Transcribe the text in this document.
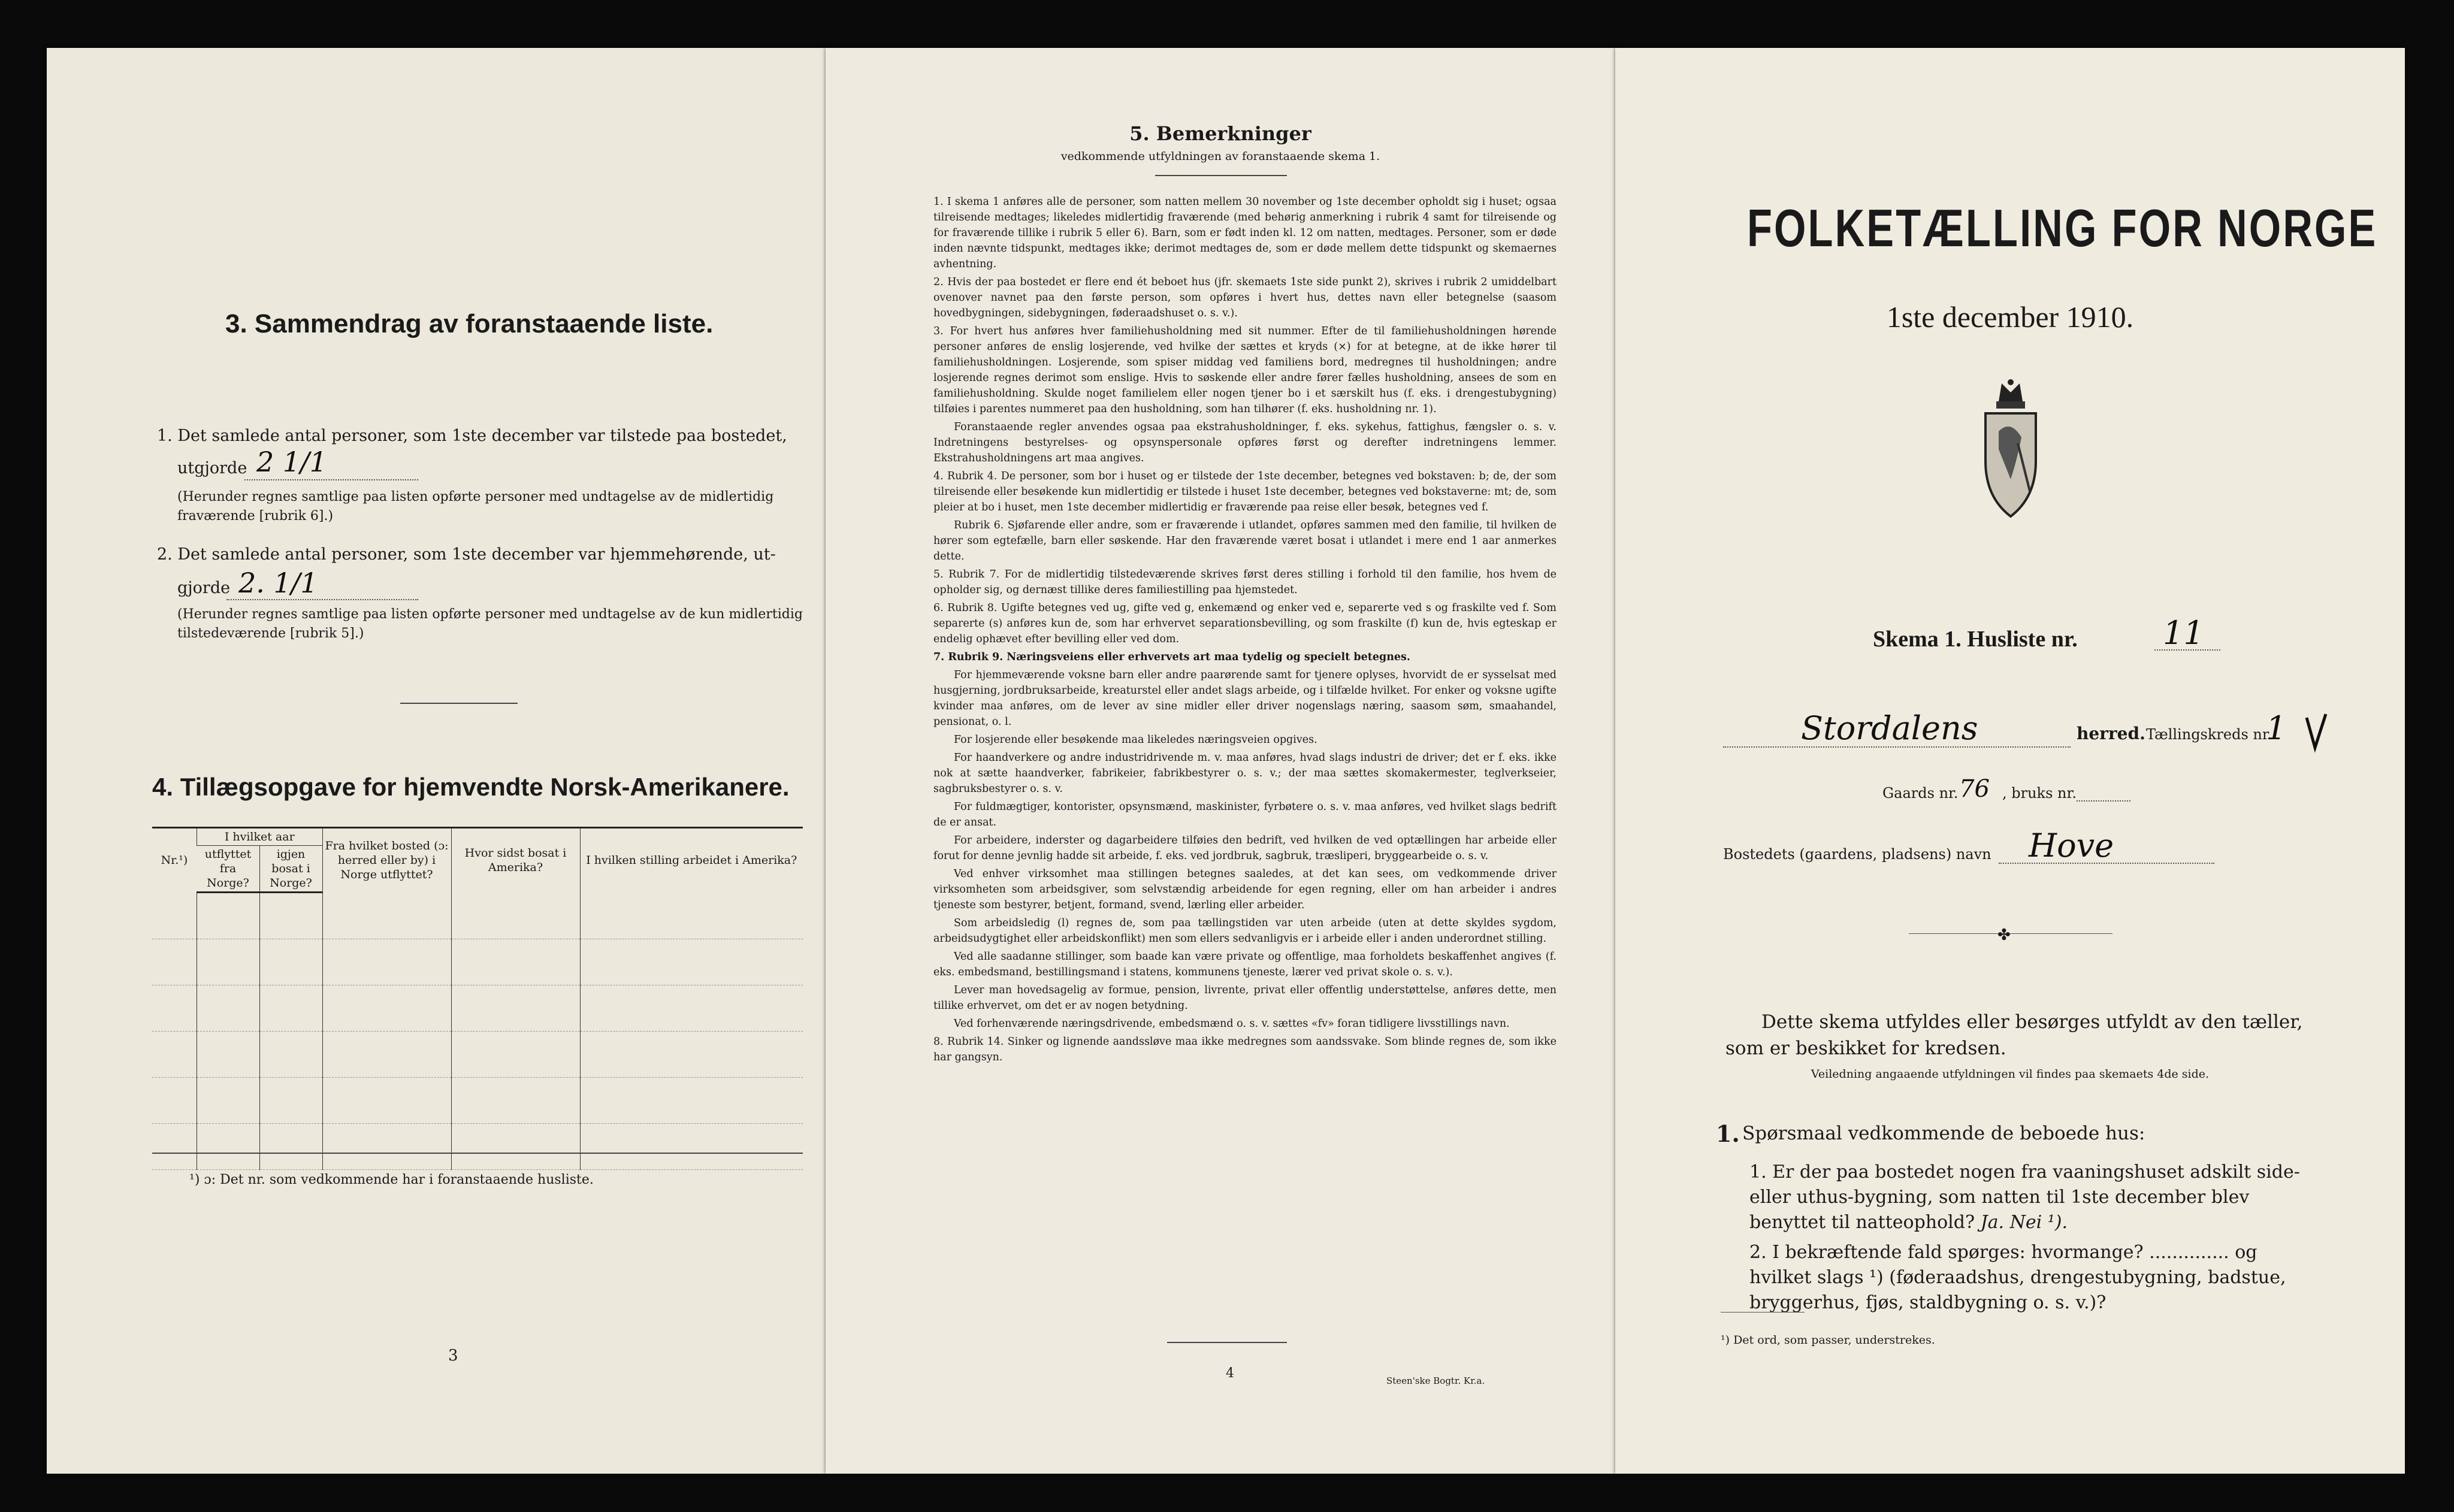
3. Sammendrag av foranstaaende liste.
1. Det samlede antal personer, som 1ste december var tilstede paa bostedet,
utgjorde 2 1/1
(Herunder regnes samtlige paa listen opførte personer med undtagelse av de midlertidig fraværende [rubrik 6].)
2. Det samlede antal personer, som 1ste december var hjemmehørende, ut-
gjorde 2. 1/1
(Herunder regnes samtlige paa listen opførte personer med undtagelse av de kun midlertidig tilstedeværende [rubrik 5].)
4. Tillægsopgave for hjemvendte Norsk-Amerikanere.
Nr.¹)	I hvilket aar		Fra hvilket bosted (ɔ: herred eller by) i Norge utflyttet?	Hvor sidst bosat i Amerika?	I hvilken stilling arbeidet i Amerika?
	utflyttet fra Norge?	igjen bosat i Norge?			

¹) ɔ: Det nr. som vedkommende har i foranstaaende husliste.
3
5. Bemerkninger
vedkommende utfyldningen av foranstaaende skema 1.

1. I skema 1 anføres alle de personer, som natten mellem 30 november og 1ste december opholdt sig i huset; ogsaa tilreisende medtages; likeledes midlertidig fraværende (med behørig anmerkning i rubrik 4 samt for tilreisende og for fraværende tillike i rubrik 5 eller 6). Barn, som er født inden kl. 12 om natten, medtages. Personer, som er døde inden nævnte tidspunkt, medtages ikke; derimot medtages de, som er døde mellem dette tidspunkt og skemaernes avhentning.

2. Hvis der paa bostedet er flere end ét beboet hus (jfr. skemaets 1ste side punkt 2), skrives i rubrik 2 umiddelbart ovenover navnet paa den første person, som opføres i hvert hus, dettes navn eller betegnelse (saasom hovedbygningen, sidebygningen, føderaadshuset o. s. v.).

3. For hvert hus anføres hver familiehusholdning med sit nummer. Efter de til familiehusholdningen hørende personer anføres de enslig losjerende, ved hvilke der sættes et kryds (×) for at betegne, at de ikke hører til familiehusholdningen. Losjerende, som spiser middag ved familiens bord, medregnes til husholdningen; andre losjerende regnes derimot som enslige. Hvis to søskende eller andre fører fælles husholdning, ansees de som en familiehusholdning. Skulde noget familielem eller nogen tjener bo i et særskilt hus (f. eks. i drengestubygning) tilføies i parentes nummeret paa den husholdning, som han tilhører (f. eks. husholdning nr. 1).

Foranstaaende regler anvendes ogsaa paa ekstrahusholdninger, f. eks. sykehus, fattighus, fængsler o. s. v. Indretningens bestyrelses- og opsynspersonale opføres først og derefter indretningens lemmer. Ekstrahusholdningens art maa angives.

4. Rubrik 4. De personer, som bor i huset og er tilstede der 1ste december, betegnes ved bokstaven: b; de, der som tilreisende eller besøkende kun midlertidig er tilstede i huset 1ste december, betegnes ved bokstaverne: mt; de, som pleier at bo i huset, men 1ste december midlertidig er fraværende paa reise eller besøk, betegnes ved f.

Rubrik 6. Sjøfarende eller andre, som er fraværende i utlandet, opføres sammen med den familie, til hvilken de hører som egtefælle, barn eller søskende. Har den fraværende været bosat i utlandet i mere end 1 aar anmerkes dette.

5. Rubrik 7. For de midlertidig tilstedeværende skrives først deres stilling i forhold til den familie, hos hvem de opholder sig, og dernæst tillike deres familiestilling paa hjemstedet.

6. Rubrik 8. Ugifte betegnes ved ug, gifte ved g, enkemænd og enker ved e, separerte ved s og fraskilte ved f. Som separerte (s) anføres kun de, som har erhvervet separationsbevilling, og som fraskilte (f) kun de, hvis egteskap er endelig ophævet efter bevilling eller ved dom.

7. Rubrik 9. Næringsveiens eller erhvervets art maa tydelig og specielt betegnes.

For hjemmeværende voksne barn eller andre paarørende samt for tjenere oplyses, hvorvidt de er sysselsat med husgjerning, jordbruksarbeide, kreaturstel eller andet slags arbeide, og i tilfælde hvilket. For enker og voksne ugifte kvinder maa anføres, om de lever av sine midler eller driver nogenslags næring, saasom søm, smaahandel, pensionat, o. l.

For losjerende eller besøkende maa likeledes næringsveien opgives.

For haandverkere og andre industridrivende m. v. maa anføres, hvad slags industri de driver; det er f. eks. ikke nok at sætte haandverker, fabrikeier, fabrikbestyrer o. s. v.; der maa sættes skomakermester, teglverkseier, sagbruksbestyrer o. s. v.

For fuldmægtiger, kontorister, opsynsmænd, maskinister, fyrbøtere o. s. v. maa anføres, ved hvilket slags bedrift de er ansat.

For arbeidere, inderster og dagarbeidere tilføies den bedrift, ved hvilken de ved optællingen har arbeide eller forut for denne jevnlig hadde sit arbeide, f. eks. ved jordbruk, sagbruk, træsliperi, bryggearbeide o. s. v.

Ved enhver virksomhet maa stillingen betegnes saaledes, at det kan sees, om vedkommende driver virksomheten som arbeidsgiver, som selvstændig arbeidende for egen regning, eller om han arbeider i andres tjeneste som bestyrer, betjent, formand, svend, lærling eller arbeider.

Som arbeidsledig (l) regnes de, som paa tællingstiden var uten arbeide (uten at dette skyldes sygdom, arbeidsudygtighet eller arbeidskonflikt) men som ellers sedvanligvis er i arbeide eller i anden underordnet stilling.

Ved alle saadanne stillinger, som baade kan være private og offentlige, maa forholdets beskaffenhet angives (f. eks. embedsmand, bestillingsmand i statens, kommunens tjeneste, lærer ved privat skole o. s. v.).

Lever man hovedsagelig av formue, pension, livrente, privat eller offentlig understøttelse, anføres dette, men tillike erhvervet, om det er av nogen betydning.

Ved forhenværende næringsdrivende, embedsmænd o. s. v. sættes «fv» foran tidligere livsstillings navn.

8. Rubrik 14. Sinker og lignende aandssløve maa ikke medregnes som aandssvake. Som blinde regnes de, som ikke har gangsyn.

4	Steen'ske Bogtr. Kr.a.
FOLKETÆLLING FOR NORGE
1ste december 1910.
Skema 1. Husliste nr.	11
Stordalens	herred. Tællingskreds nr.
1
Gaards nr. 76 , bruks nr.
Bostedets (gaardens, pladsens) navn Hove
✤
Dette skema utfyldes eller besørges utfyldt av den tæller, som er beskikket for kredsen.
Veiledning angaaende utfyldningen vil findes paa skemaets 4de side.
1. Spørsmaal vedkommende de beboede hus:
1. Er der paa bostedet nogen fra vaaningshuset adskilt side- eller uthus-bygning, som natten til 1ste december blev benyttet til natteophold? Ja. Nei ¹).
2. I bekræftende fald spørges: hvormange? .............. og hvilket slags ¹) (føderaadshus, drengestubygning, badstue, bryggerhus, fjøs, staldbygning o. s. v.)?
¹) Det ord, som passer, understrekes.
